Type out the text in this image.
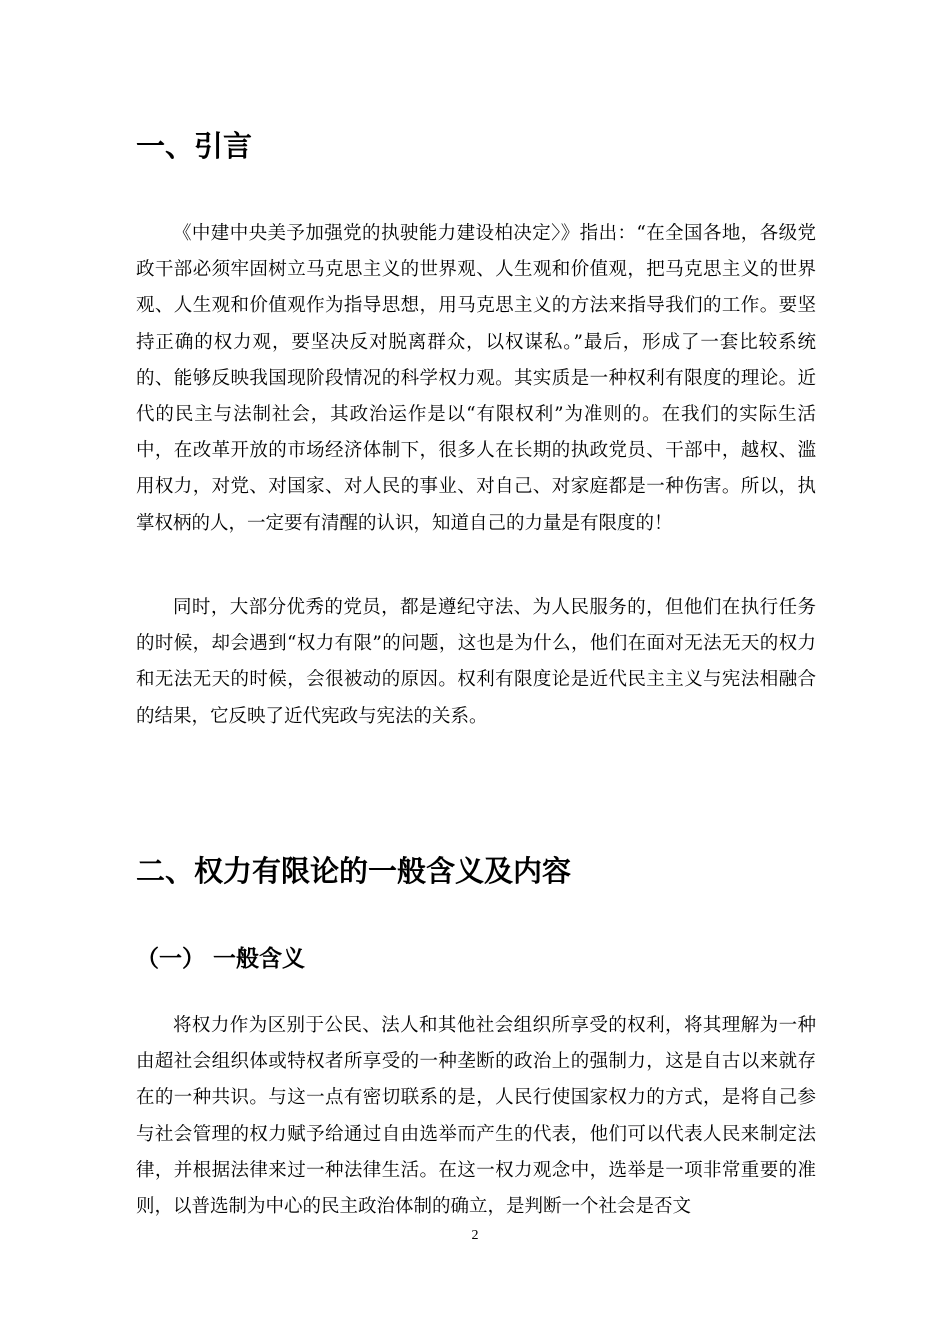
一、引言

《中建中央美予加强党的执驶能力建设柏决定〉》指出：“在全国各地，各级党政干部必须牢固树立马克思主义的世界观、人生观和价值观，把马克思主义的世界观、人生观和价值观作为指导思想，用马克思主义的方法来指导我们的工作。要坚持正确的权力观，要坚决反对脱离群众，以权谋私。”最后，形成了一套比较系统的、能够反映我国现阶段情况的科学权力观。其实质是一种权利有限度的理论。近代的民主与法制社会，其政治运作是以“有限权利”为准则的。在我们的实际生活中，在改革开放的市场经济体制下，很多人在长期的执政党员、干部中，越权、滥用权力，对党、对国家、对人民的事业、对自己、对家庭都是一种伤害。所以，执掌权柄的人，一定要有清醒的认识，知道自己的力量是有限度的！

同时，大部分优秀的党员，都是遵纪守法、为人民服务的，但他们在执行任务的时候，却会遇到“权力有限”的问题，这也是为什么，他们在面对无法无天的权力和无法无天的时候，会很被动的原因。权利有限度论是近代民主主义与宪法相融合的结果，它反映了近代宪政与宪法的关系。

二、权力有限论的一般含义及内容
（一） 一般含义

将权力作为区别于公民、法人和其他社会组织所享受的权利，将其理解为一种由超社会组织体或特权者所享受的一种垄断的政治上的强制力，这是自古以来就存在的一种共识。与这一点有密切联系的是，人民行使国家权力的方式，是将自己参与社会管理的权力赋予给通过自由选举而产生的代表，他们可以代表人民来制定法律，并根据法律来过一种法律生活。在这一权力观念中，选举是一项非常重要的准则，以普选制为中心的民主政治体制的确立，是判断一个社会是否文

2
